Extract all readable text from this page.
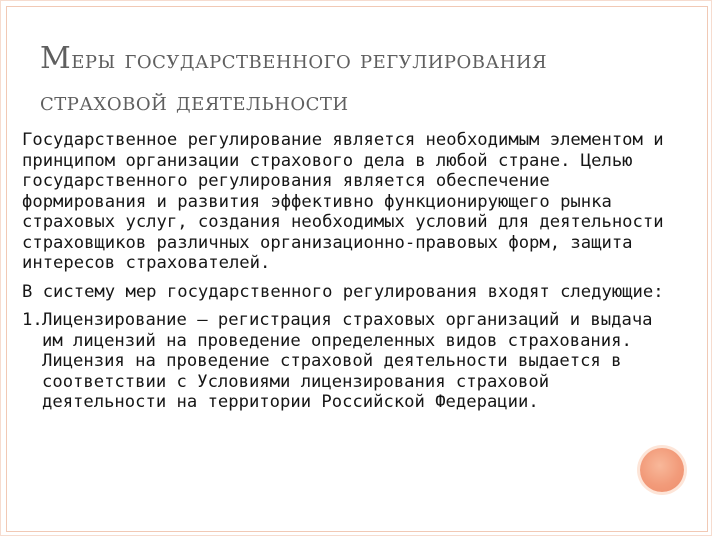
Меры государственного регулирования
страховой деятельности

Государственное регулирование является необходимым элементом и принципом организации страхового дела в любой стране. Целью государственного регулирования является обеспечение формирования и развития эффективно функционирующего рынка страховых услуг, создания необходимых условий для деятельности страховщиков различных организационно-правовых форм, защита интересов страхователей.

В систему мер государственного регулирования входят следующие:

1. Лицензирование — регистрация страховых организаций и выдача им лицензий на проведение определенных видов страхования. Лицензия на проведение страховой деятельности выдается в соответствии с Условиями лицензирования страховой деятельности на территории Российской Федерации.
